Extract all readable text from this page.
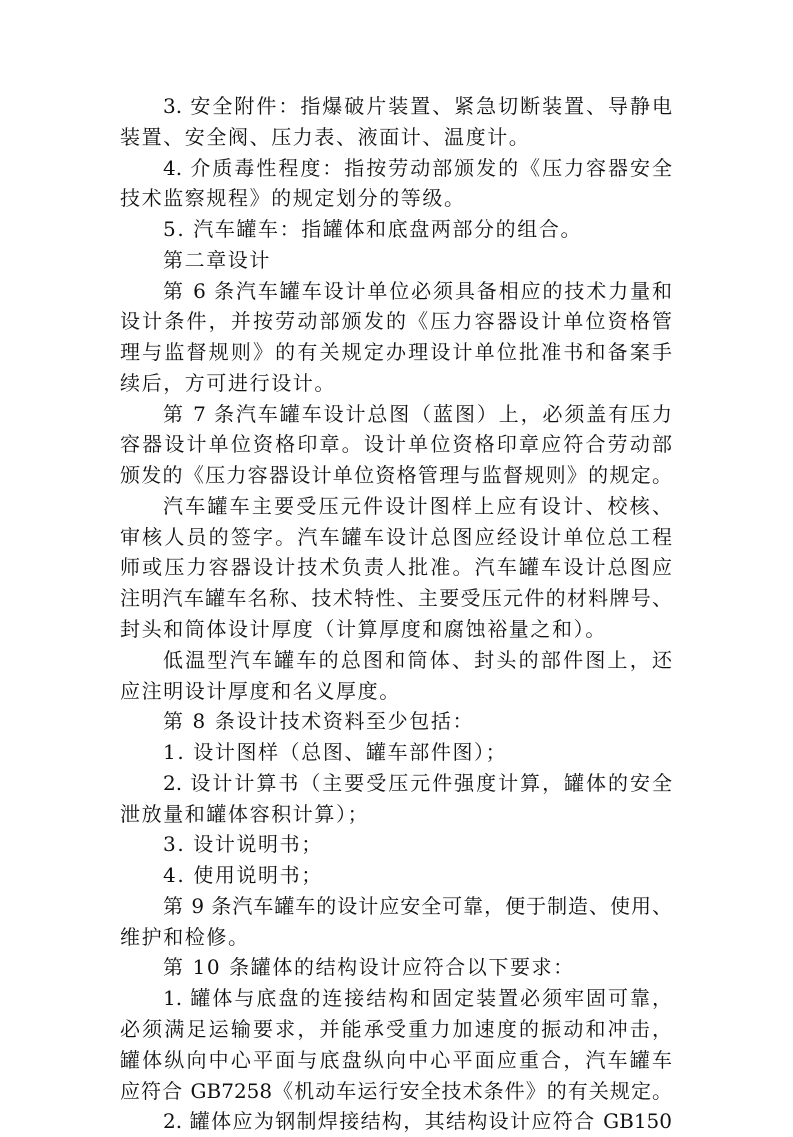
3. 安全附件：指爆破片装置、紧急切断装置、导静电
装置、安全阀、压力表、液面计、温度计。
4. 介质毒性程度：指按劳动部颁发的《压力容器安全
技术监察规程》的规定划分的等级。
5. 汽车罐车：指罐体和底盘两部分的组合。
第二章设计
第 6 条汽车罐车设计单位必须具备相应的技术力量和
设计条件，并按劳动部颁发的《压力容器设计单位资格管
理与监督规则》的有关规定办理设计单位批准书和备案手
续后，方可进行设计。
第 7 条汽车罐车设计总图（蓝图）上，必须盖有压力
容器设计单位资格印章。设计单位资格印章应符合劳动部
颁发的《压力容器设计单位资格管理与监督规则》的规定。
汽车罐车主要受压元件设计图样上应有设计、校核、
审核人员的签字。汽车罐车设计总图应经设计单位总工程
师或压力容器设计技术负责人批准。汽车罐车设计总图应
注明汽车罐车名称、技术特性、主要受压元件的材料牌号、
封头和筒体设计厚度（计算厚度和腐蚀裕量之和）。
低温型汽车罐车的总图和筒体、封头的部件图上，还
应注明设计厚度和名义厚度。
第 8 条设计技术资料至少包括：
1. 设计图样（总图、罐车部件图）；
2. 设计计算书（主要受压元件强度计算，罐体的安全
泄放量和罐体容积计算）；
3. 设计说明书；
4. 使用说明书；
第 9 条汽车罐车的设计应安全可靠，便于制造、使用、
维护和检修。
第 10 条罐体的结构设计应符合以下要求：
1. 罐体与底盘的连接结构和固定装置必须牢固可靠，
必须满足运输要求，并能承受重力加速度的振动和冲击，
罐体纵向中心平面与底盘纵向中心平面应重合，汽车罐车
应符合 GB7258《机动车运行安全技术条件》的有关规定。
2. 罐体应为钢制焊接结构，其结构设计应符合 GB150
